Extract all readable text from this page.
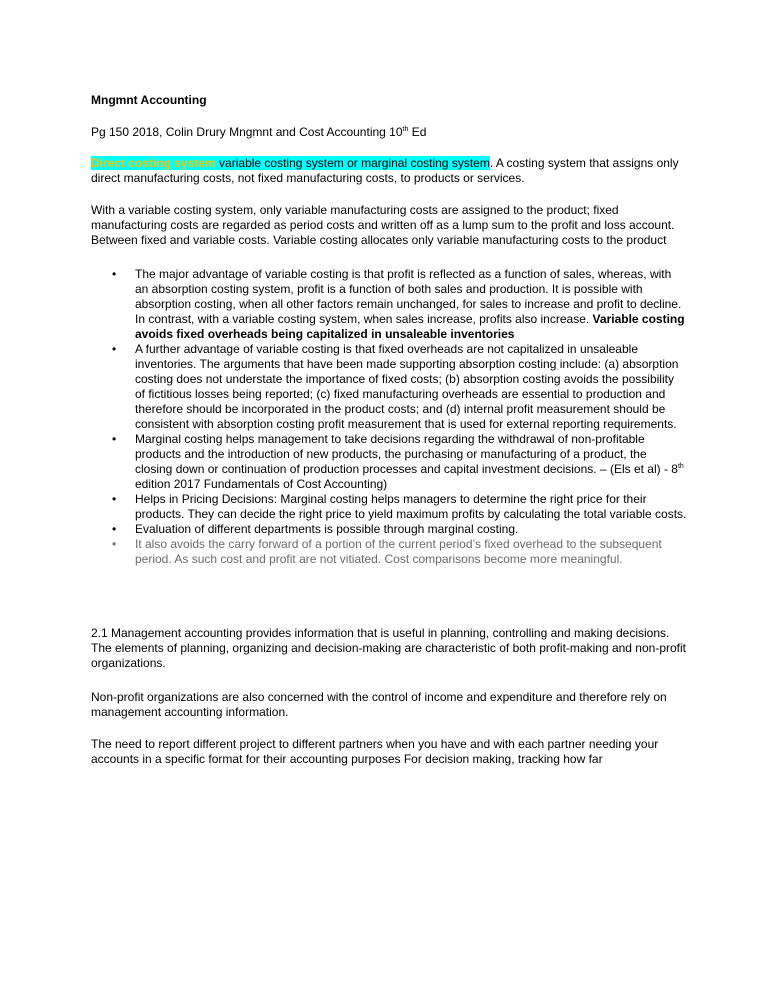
Mngmnt Accounting

Pg 150 2018, Colin Drury Mngmnt and Cost Accounting 10th Ed

Direct costing system variable costing system or marginal costing system. A costing system that assigns only direct manufacturing costs, not fixed manufacturing costs, to products or services.

With a variable costing system, only variable manufacturing costs are assigned to the product; fixed manufacturing costs are regarded as period costs and written off as a lump sum to the profit and loss account. Between fixed and variable costs. Variable costing allocates only variable manufacturing costs to the product

• The major advantage of variable costing is that profit is reflected as a function of sales, whereas, with an absorption costing system, profit is a function of both sales and production. It is possible with absorption costing, when all other factors remain unchanged, for sales to increase and profit to decline. In contrast, with a variable costing system, when sales increase, profits also increase. Variable costing avoids fixed overheads being capitalized in unsaleable inventories
• A further advantage of variable costing is that fixed overheads are not capitalized in unsaleable inventories. The arguments that have been made supporting absorption costing include: (a) absorption costing does not understate the importance of fixed costs; (b) absorption costing avoids the possibility of fictitious losses being reported; (c) fixed manufacturing overheads are essential to production and therefore should be incorporated in the product costs; and (d) internal profit measurement should be consistent with absorption costing profit measurement that is used for external reporting requirements.
• Marginal costing helps management to take decisions regarding the withdrawal of non-profitable products and the introduction of new products, the purchasing or manufacturing of a product, the closing down or continuation of production processes and capital investment decisions. – (Els et al) - 8th edition 2017 Fundamentals of Cost Accounting)
• Helps in Pricing Decisions: Marginal costing helps managers to determine the right price for their products. They can decide the right price to yield maximum profits by calculating the total variable costs.
• Evaluation of different departments is possible through marginal costing.
• It also avoids the carry forward of a portion of the current period’s fixed overhead to the subsequent period. As such cost and profit are not vitiated. Cost comparisons become more meaningful.

2.1 Management accounting provides information that is useful in planning, controlling and making decisions. The elements of planning, organizing and decision-making are characteristic of both profit-making and non-profit organizations.

Non-profit organizations are also concerned with the control of income and expenditure and therefore rely on management accounting information.

The need to report different project to different partners when you have and with each partner needing your accounts in a specific format for their accounting purposes For decision making, tracking how far
